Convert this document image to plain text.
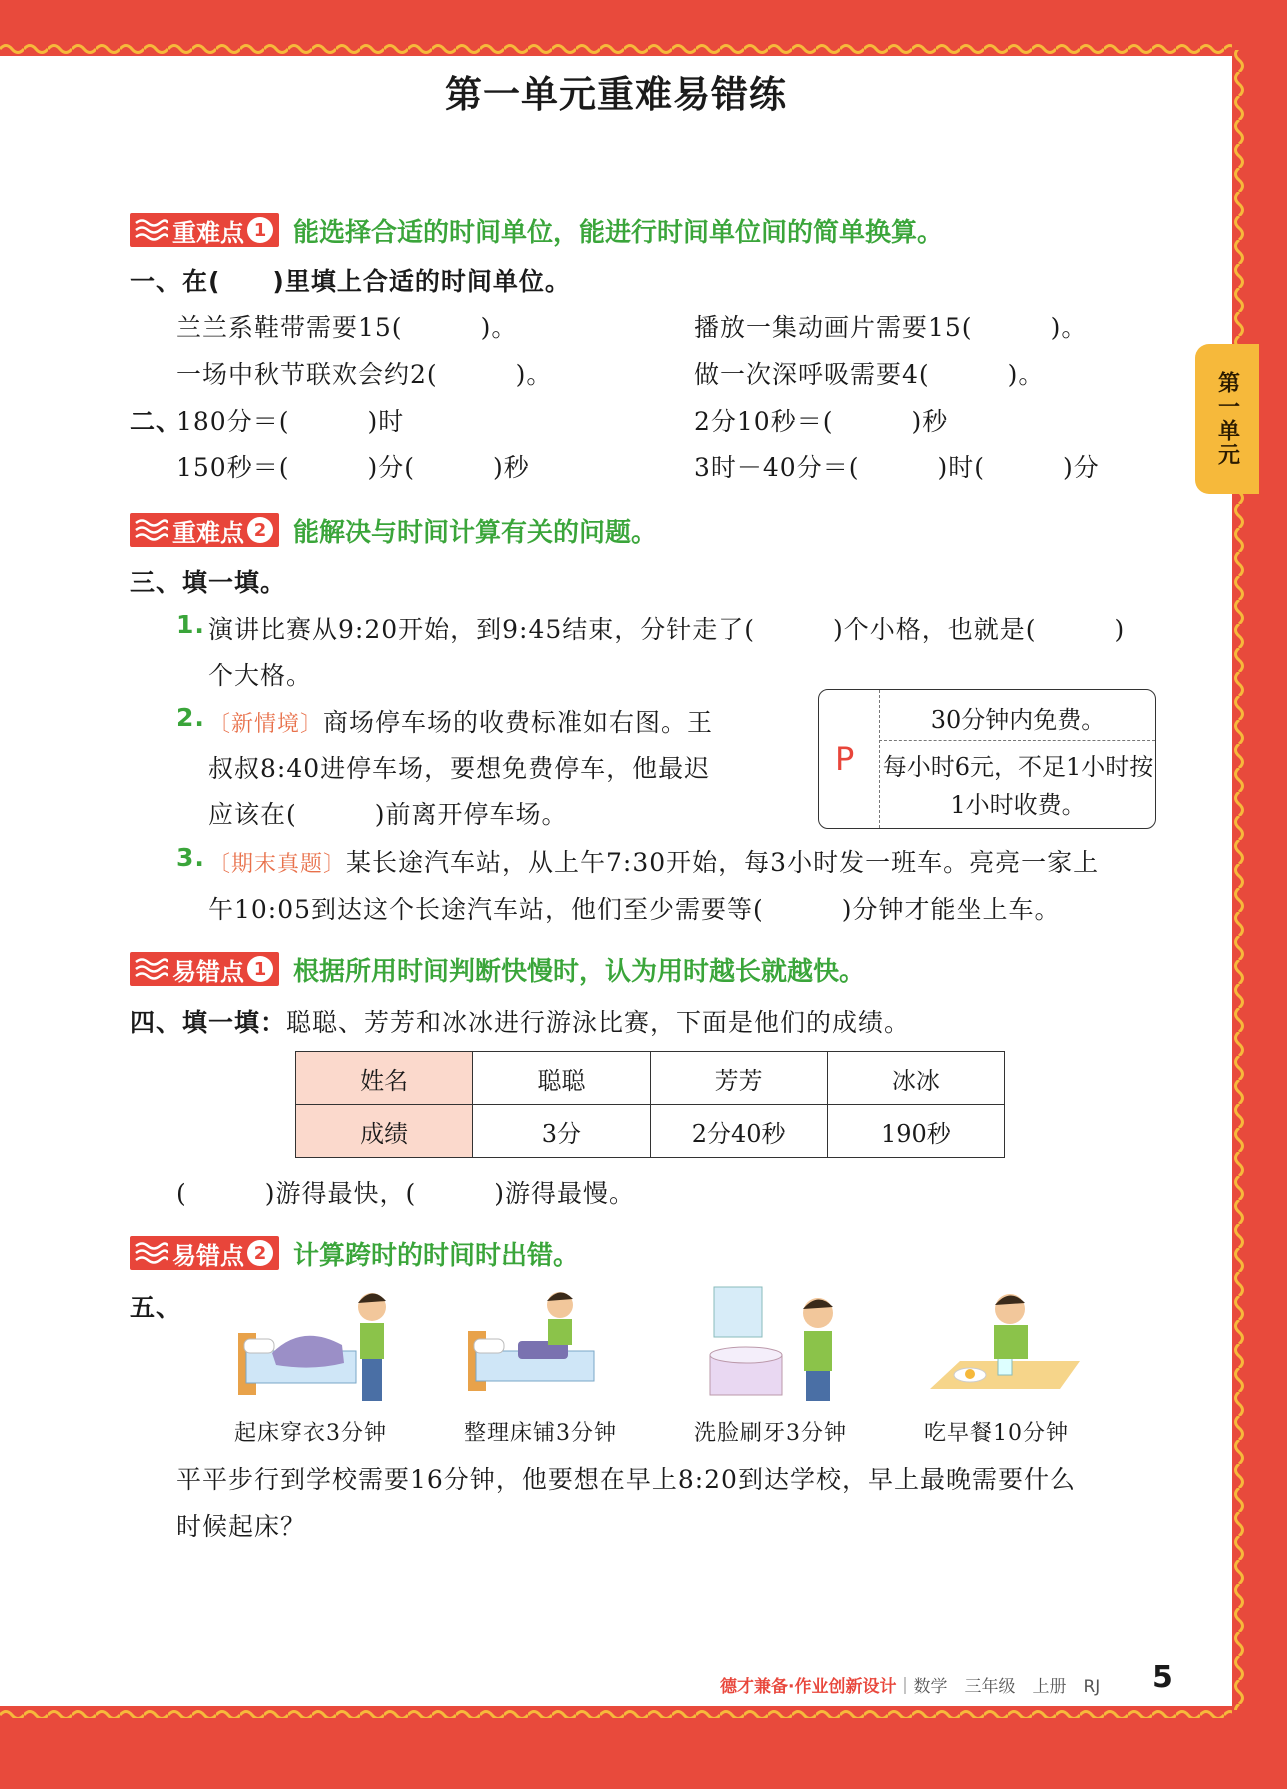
第一单元重难易错练
第一单元
重难点 1 能选择合适的时间单位，能进行时间单位间的简单换算。
一、在(　　)里填上合适的时间单位。
兰兰系鞋带需要15(　　　)。	播放一集动画片需要15(　　　)。
一场中秋节联欢会约2(　　　)。	做一次深呼吸需要4(　　　)。
二、
180分＝(　　　)时	2分10秒＝(　　　)秒
150秒＝(　　　)分(　　　)秒	3时－40分＝(　　　)时(　　　)分
重难点 2 能解决与时间计算有关的问题。
三、填一填。
1. 演讲比赛从9:20开始，到9:45结束，分针走了(　　　)个小格，也就是(　　　)
个大格。
2. 〔新情境〕商场停车场的收费标准如右图。王
叔叔8:40进停车场，要想免费停车，他最迟
应该在(　　　)前离开停车场。
P
30分钟内免费。
每小时6元，不足1小时按1小时收费。
3. 〔期末真题〕某长途汽车站，从上午7:30开始，每3小时发一班车。亮亮一家上
午10:05到达这个长途汽车站，他们至少需要等(　　　)分钟才能坐上车。
易错点 1 根据所用时间判断快慢时，认为用时越长就越快。
四、填一填：聪聪、芳芳和冰冰进行游泳比赛，下面是他们的成绩。
姓名	聪聪	芳芳	冰冰
成绩	3分	2分40秒	190秒
(　　　)游得最快，(　　　)游得最慢。
易错点 2 计算跨时的时间时出错。
五、
起床穿衣3分钟	整理床铺3分钟	洗脸刷牙3分钟	吃早餐10分钟
平平步行到学校需要16分钟，他要想在早上8:20到达学校，早上最晚需要什么
时候起床？
德才兼备·作业创新设计｜数学　三年级　上册　RJ 5
